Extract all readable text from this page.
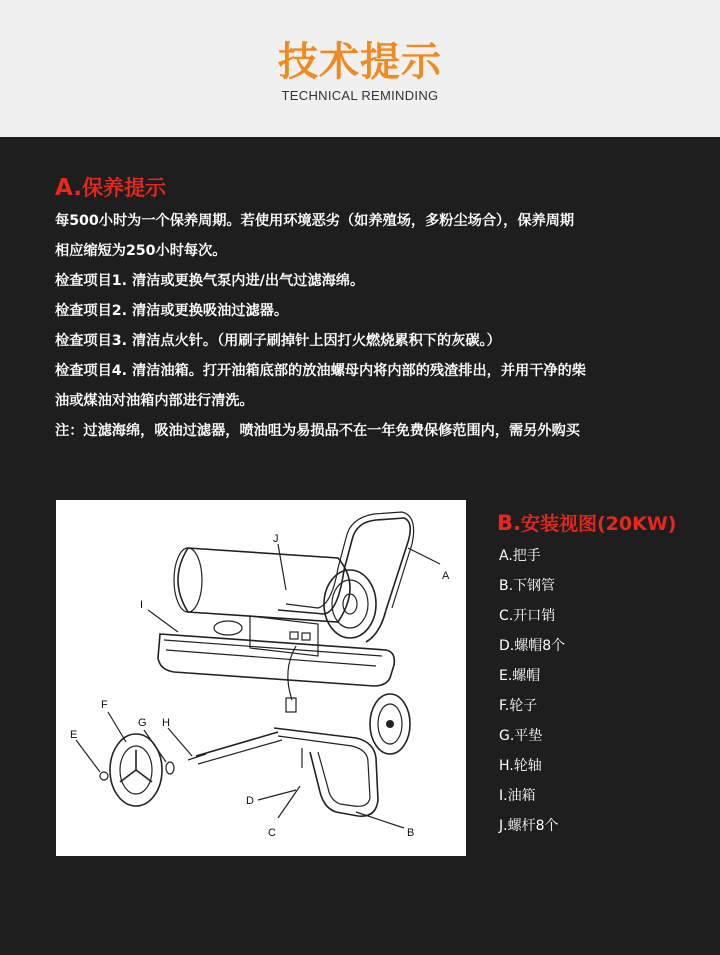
技术提示
TECHNICAL REMINDING
A.保养提示
每500小时为一个保养周期。若使用环境恶劣（如养殖场，多粉尘场合），保养周期
相应缩短为250小时每次。
检查项目1. 清洁或更换气泵内进/出气过滤海绵。
检查项目2. 清洁或更换吸油过滤器。
检查项目3. 清洁点火针。（用刷子刷掉针上因打火燃烧累积下的灰碳。）
检查项目4. 清洁油箱。打开油箱底部的放油螺母内将内部的残渣排出，并用干净的柴
油或煤油对油箱内部进行清洗。
注：过滤海绵，吸油过滤器，喷油咀为易损品不在一年免费保修范围内，需另外购买
A
B
C
D
E
F
G H
I
J
B.安装视图(20KW)
A.把手
B.下钢管
C.开口销
D.螺帽8个
E.螺帽
F.轮子
G.平垫
H.轮轴
I.油箱
J.螺杆8个
